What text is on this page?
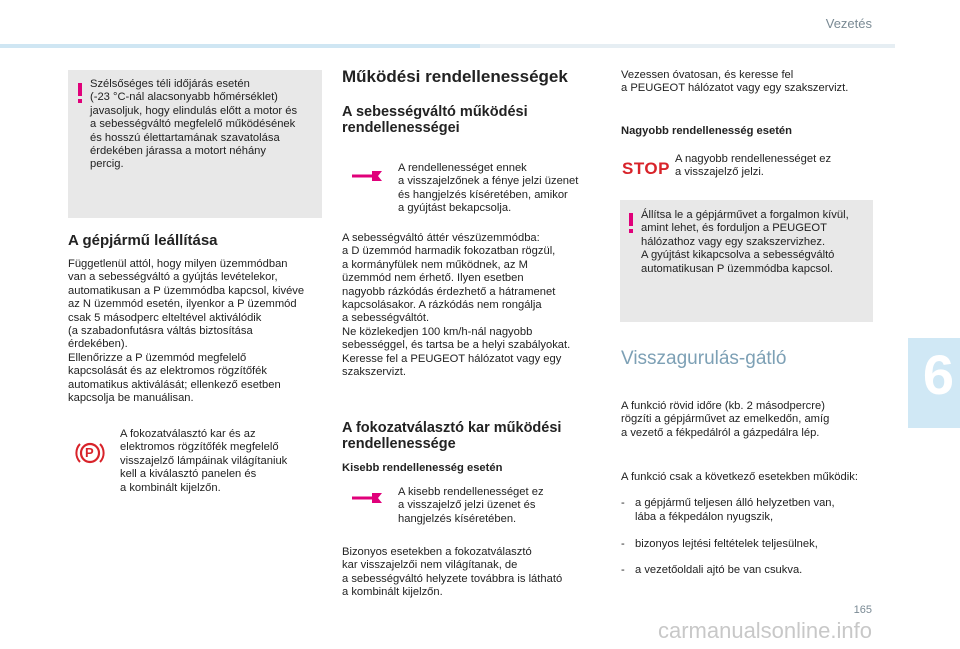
Vezetés
Szélsőséges téli időjárás esetén
(-23 °C-nál alacsonyabb hőmérséklet)
javasoljuk, hogy elindulás előtt a motor és
a sebességváltó megfelelő működésének
és hosszú élettartamának szavatolása
érdekében járassa a motort néhány
percig.
A gépjármű leállítása
Függetlenül attól, hogy milyen üzemmódban
van a sebességváltó a gyújtás levételekor,
automatikusan a P üzemmódba kapcsol, kivéve
az N üzemmód esetén, ilyenkor a P üzemmód
csak 5 másodperc elteltével aktiválódik
(a szabadonfutásra váltás biztosítása
érdekében).
Ellenőrizze a P üzemmód megfelelő
kapcsolását és az elektromos rögzítőfék
automatikus aktiválását; ellenkező esetben
kapcsolja be manuálisan.
P
A fokozatválasztó kar és az
elektromos rögzítőfék megfelelő
visszajelző lámpáinak világítaniuk
kell a kiválasztó panelen és
a kombinált kijelzőn.
Működési rendellenességek
A sebességváltó működési rendellenességei
A rendellenességet ennek
a visszajelzőnek a fénye jelzi üzenet
és hangjelzés kíséretében, amikor
a gyújtást bekapcsolja.
A sebességváltó áttér vészüzemmódba:
a D üzemmód harmadik fokozatban rögzül,
a kormányfülek nem működnek, az M
üzemmód nem érhető. Ilyen esetben
nagyobb rázkódás érdezhető a hátramenet
kapcsolásakor. A rázkódás nem rongálja
a sebességváltót.
Ne közlekedjen 100 km/h-nál nagyobb
sebességgel, és tartsa be a helyi szabályokat.
Keresse fel a PEUGEOT hálózatot vagy egy
szakszervizt.
A fokozatválasztó kar működési rendellenessége
Kisebb rendellenesség esetén
A kisebb rendellenességet ez
a visszajelző jelzi üzenet és
hangjelzés kíséretében.
Bizonyos esetekben a fokozatválasztó
kar visszajelzői nem világítanak, de
a sebességváltó helyzete továbbra is látható
a kombinált kijelzőn.
Vezessen óvatosan, és keresse fel
a PEUGEOT hálózatot vagy egy szakszervizt.
Nagyobb rendellenesség esetén
STOP A nagyobb rendellenességet ez
a visszajelző jelzi.
Állítsa le a gépjárművet a forgalmon kívül,
amint lehet, és forduljon a PEUGEOT
hálózathoz vagy egy szakszervizhez.
A gyújtást kikapcsolva a sebességváltó
automatikusan P üzemmódba kapcsol.
Visszagurulás-gátló
A funkció rövid időre (kb. 2 másodpercre)
rögzíti a gépjárművet az emelkedőn, amíg
a vezető a fékpedálról a gázpedálra lép.
A funkció csak a következő esetekben működik:

- a gépjármű teljesen álló helyzetben van,
lába a fékpedálon nyugszik,

- bizonyos lejtési feltételek teljesülnek,

- a vezetőoldali ajtó be van csukva.

6
165
carmanualsonline.info
